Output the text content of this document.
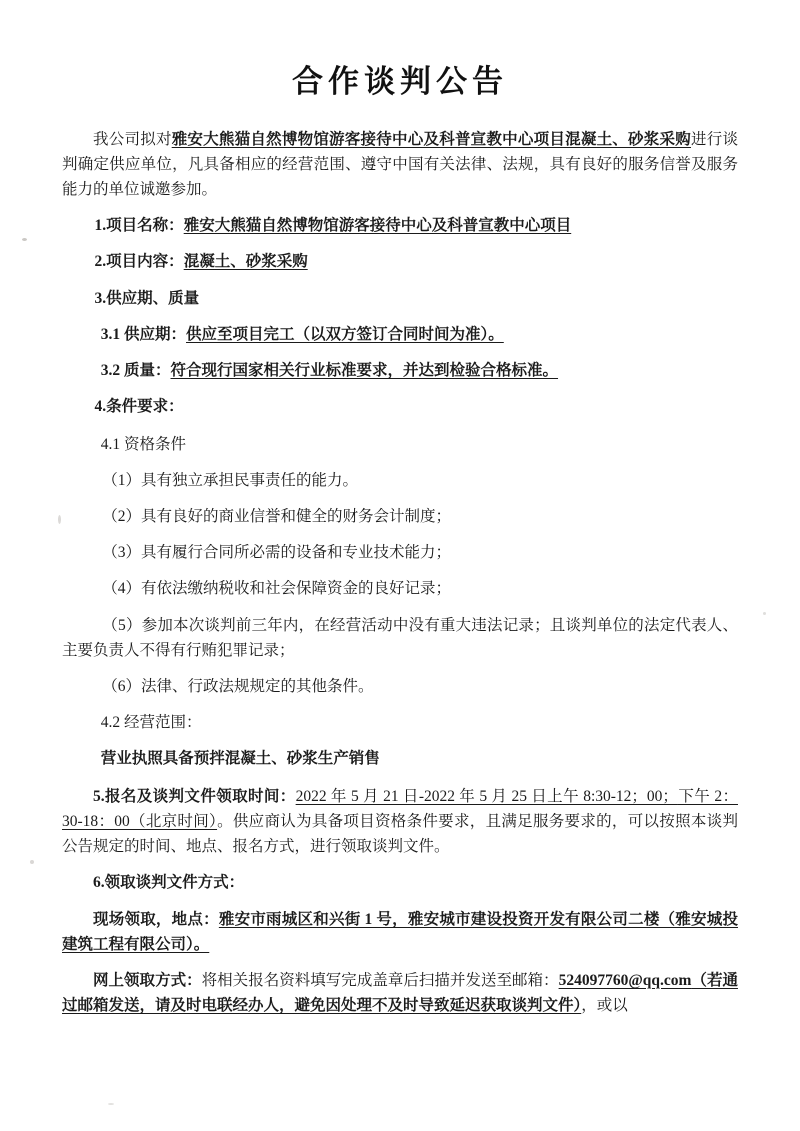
合作谈判公告

我公司拟对雅安大熊猫自然博物馆游客接待中心及科普宣教中心项目混凝土、砂浆采购进行谈判确定供应单位，凡具备相应的经营范围、遵守中国有关法律、法规，具有良好的服务信誉及服务能力的单位诚邀参加。

1.项目名称：雅安大熊猫自然博物馆游客接待中心及科普宣教中心项目

2.项目内容：混凝土、砂浆采购

3.供应期、质量

3.1 供应期：供应至项目完工（以双方签订合同时间为准）。

3.2 质量：符合现行国家相关行业标准要求，并达到检验合格标准。

4.条件要求：

4.1 资格条件

（1）具有独立承担民事责任的能力。

（2）具有良好的商业信誉和健全的财务会计制度；

（3）具有履行合同所必需的设备和专业技术能力；

（4）有依法缴纳税收和社会保障资金的良好记录；

（5）参加本次谈判前三年内，在经营活动中没有重大违法记录；且谈判单位的法定代表人、主要负责人不得有行贿犯罪记录；

（6）法律、行政法规规定的其他条件。

4.2 经营范围：

营业执照具备预拌混凝土、砂浆生产销售

5.报名及谈判文件领取时间：2022 年 5 月 21 日-2022 年 5 月 25 日上午 8:30-12；00；下午 2：30-18：00（北京时间）。供应商认为具备项目资格条件要求，且满足服务要求的，可以按照本谈判公告规定的时间、地点、报名方式，进行领取谈判文件。

6.领取谈判文件方式：

现场领取，地点：雅安市雨城区和兴街 1 号，雅安城市建设投资开发有限公司二楼（雅安城投建筑工程有限公司）。

网上领取方式：将相关报名资料填写完成盖章后扫描并发送至邮箱：524097760@qq.com（若通过邮箱发送，请及时电联经办人，避免因处理不及时导致延迟获取谈判文件），或以
